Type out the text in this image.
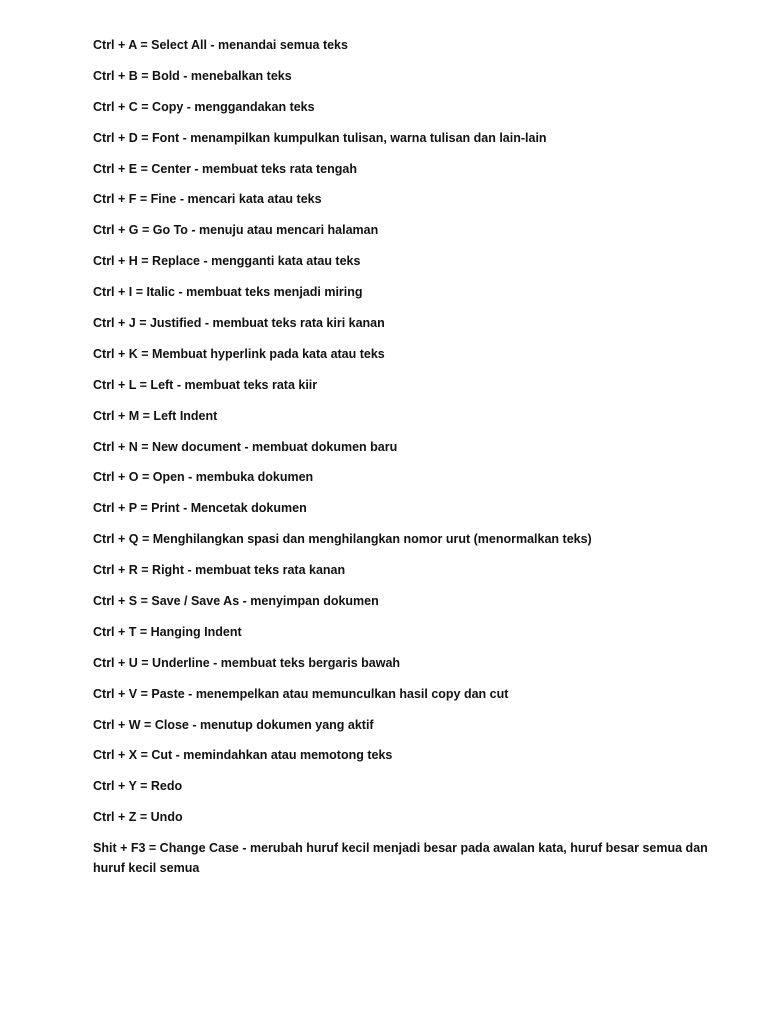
Ctrl + A = Select All - menandai semua teks
Ctrl + B = Bold - menebalkan teks
Ctrl + C = Copy - menggandakan teks
Ctrl + D = Font - menampilkan kumpulkan tulisan, warna tulisan dan lain-lain
Ctrl + E = Center - membuat teks rata tengah
Ctrl + F = Fine - mencari kata atau teks
Ctrl + G = Go To - menuju atau mencari halaman
Ctrl + H = Replace - mengganti kata atau teks
Ctrl + I = Italic - membuat teks menjadi miring
Ctrl + J = Justified - membuat teks rata kiri kanan
Ctrl + K = Membuat hyperlink pada kata atau teks
Ctrl + L = Left - membuat teks rata kiir
Ctrl + M = Left Indent
Ctrl + N = New document - membuat dokumen baru
Ctrl + O = Open - membuka dokumen
Ctrl + P = Print - Mencetak dokumen
Ctrl + Q = Menghilangkan spasi dan menghilangkan nomor urut (menormalkan teks)
Ctrl + R = Right - membuat teks rata kanan
Ctrl + S = Save / Save As - menyimpan dokumen
Ctrl + T = Hanging Indent
Ctrl + U = Underline - membuat teks bergaris bawah
Ctrl + V = Paste - menempelkan atau memunculkan hasil copy dan cut
Ctrl + W = Close - menutup dokumen yang aktif
Ctrl + X = Cut - memindahkan atau memotong teks
Ctrl + Y = Redo
Ctrl + Z = Undo
Shit + F3 = Change Case - merubah huruf kecil menjadi besar pada awalan kata, huruf besar semua dan huruf kecil semua
